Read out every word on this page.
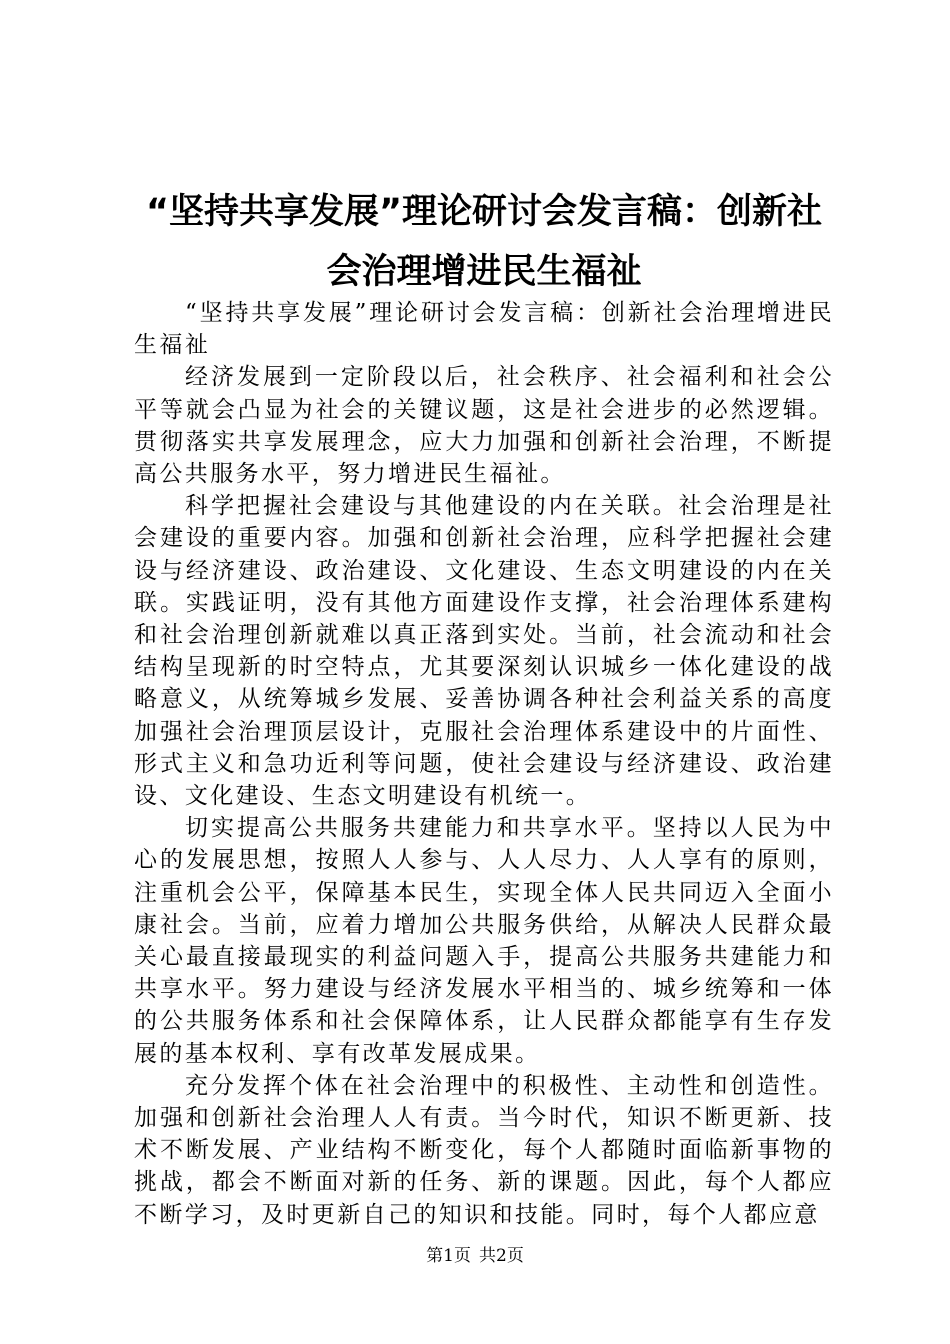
“坚持共享发展”理论研讨会发言稿：创新社会治理增进民生福祉

“坚持共享发展”理论研讨会发言稿：创新社会治理增进民生福祉

经济发展到一定阶段以后，社会秩序、社会福利和社会公平等就会凸显为社会的关键议题，这是社会进步的必然逻辑。贯彻落实共享发展理念，应大力加强和创新社会治理，不断提高公共服务水平，努力增进民生福祉。

科学把握社会建设与其他建设的内在关联。社会治理是社会建设的重要内容。加强和创新社会治理，应科学把握社会建设与经济建设、政治建设、文化建设、生态文明建设的内在关联。实践证明，没有其他方面建设作支撑，社会治理体系建构和社会治理创新就难以真正落到实处。当前，社会流动和社会结构呈现新的时空特点，尤其要深刻认识城乡一体化建设的战略意义，从统筹城乡发展、妥善协调各种社会利益关系的高度加强社会治理顶层设计，克服社会治理体系建设中的片面性、形式主义和急功近利等问题，使社会建设与经济建设、政治建设、文化建设、生态文明建设有机统一。

切实提高公共服务共建能力和共享水平。坚持以人民为中心的发展思想，按照人人参与、人人尽力、人人享有的原则，注重机会公平，保障基本民生，实现全体人民共同迈入全面小康社会。当前，应着力增加公共服务供给，从解决人民群众最关心最直接最现实的利益问题入手，提高公共服务共建能力和共享水平。努力建设与经济发展水平相当的、城乡统筹和一体的公共服务体系和社会保障体系，让人民群众都能享有生存发展的基本权利、享有改革发展成果。

充分发挥个体在社会治理中的积极性、主动性和创造性。加强和创新社会治理人人有责。当今时代，知识不断更新、技术不断发展、产业结构不断变化，每个人都随时面临新事物的挑战，都会不断面对新的任务、新的课题。因此，每个人都应不断学习，及时更新自己的知识和技能。同时，每个人都应意

第1页 共2页
